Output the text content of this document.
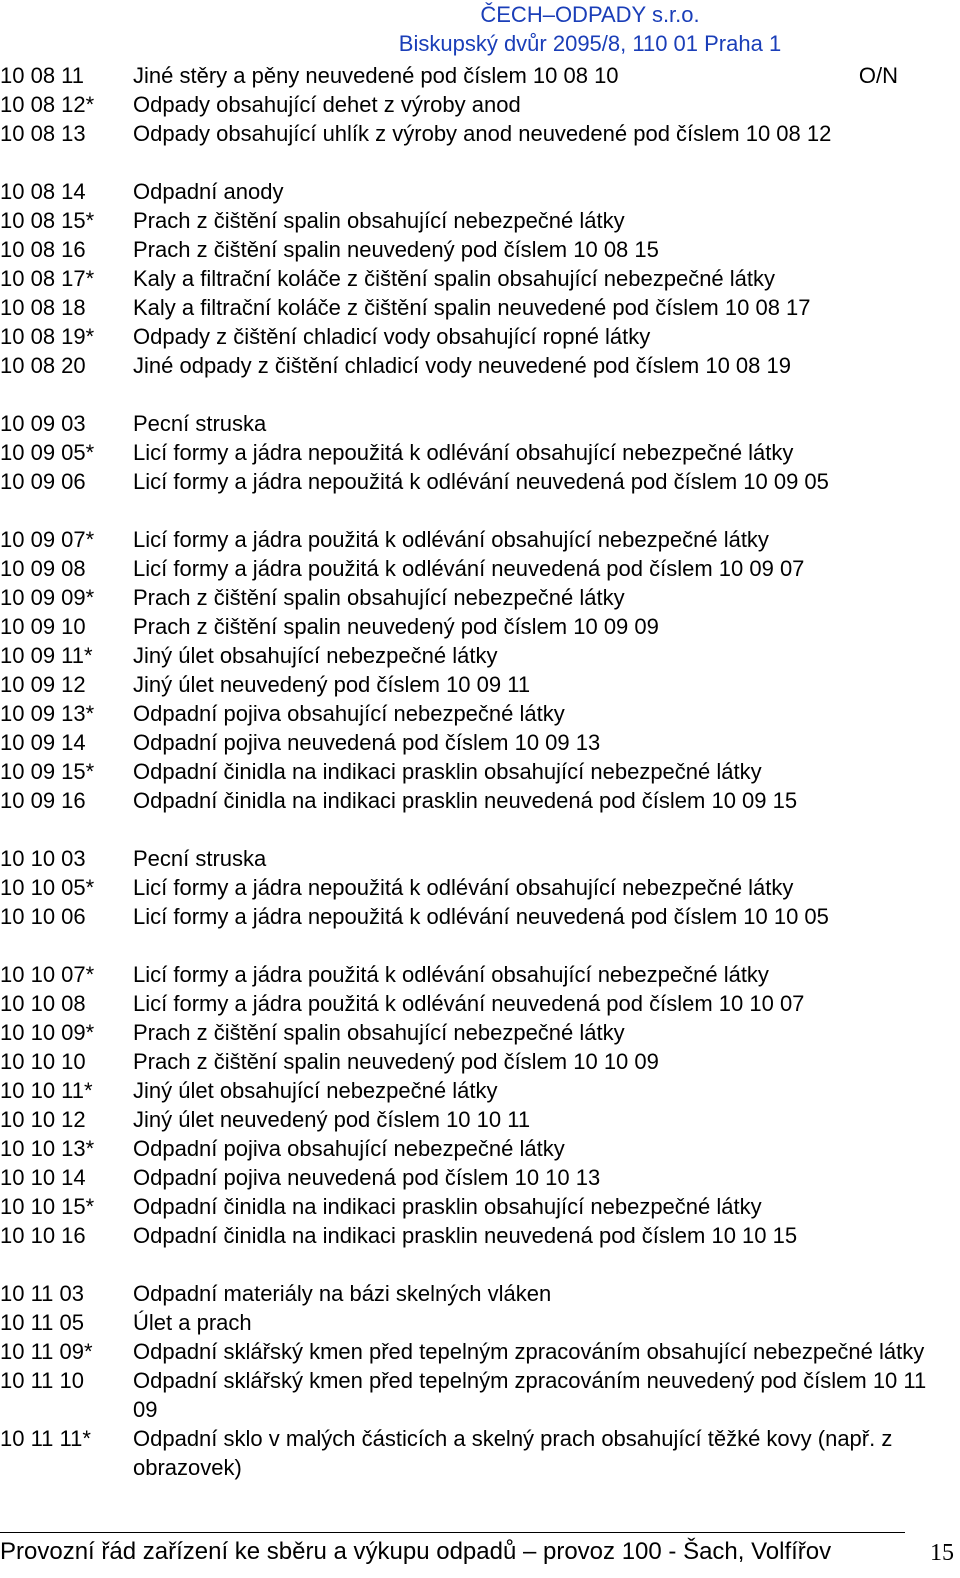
ČECH–ODPADY s.r.o.
Biskupský dvůr 2095/8, 110 01 Praha 1
10 08 11	Jiné stěry a pěny neuvedené pod číslem 10 08 10	O/N
10 08 12*	Odpady obsahující dehet z výroby anod
10 08 13	Odpady obsahující uhlík z výroby anod neuvedené pod číslem 10 08 12
10 08 14	Odpadní anody
10 08 15*	Prach z čištění spalin obsahující nebezpečné látky
10 08 16	Prach z čištění spalin neuvedený pod číslem 10 08 15
10 08 17*	Kaly a filtrační koláče z čištění spalin obsahující nebezpečné látky
10 08 18	Kaly a filtrační koláče z čištění spalin neuvedené pod číslem 10 08 17
10 08 19*	Odpady z čištění chladicí vody obsahující ropné látky
10 08 20	Jiné odpady z čištění chladicí vody neuvedené pod číslem 10 08 19
10 09 03	Pecní struska
10 09 05*	Licí formy a jádra nepoužitá k odlévání obsahující nebezpečné látky
10 09 06	Licí formy a jádra nepoužitá k odlévání neuvedená pod číslem 10 09 05
10 09 07*	Licí formy a jádra použitá k odlévání obsahující nebezpečné látky
10 09 08	Licí formy a jádra použitá k odlévání neuvedená pod číslem 10 09 07
10 09 09*	Prach z čištění spalin obsahující nebezpečné látky
10 09 10	Prach z čištění spalin neuvedený pod číslem 10 09 09
10 09 11*	Jiný úlet obsahující nebezpečné látky
10 09 12	Jiný úlet neuvedený pod číslem 10 09 11
10 09 13*	Odpadní pojiva obsahující nebezpečné látky
10 09 14	Odpadní pojiva neuvedená pod číslem 10 09 13
10 09 15*	Odpadní činidla na indikaci prasklin obsahující nebezpečné látky
10 09 16	Odpadní činidla na indikaci prasklin neuvedená pod číslem 10 09 15
10 10 03	Pecní struska
10 10 05*	Licí formy a jádra nepoužitá k odlévání obsahující nebezpečné látky
10 10 06	Licí formy a jádra nepoužitá k odlévání neuvedená pod číslem 10 10 05
10 10 07*	Licí formy a jádra použitá k odlévání obsahující nebezpečné látky
10 10 08	Licí formy a jádra použitá k odlévání neuvedená pod číslem 10 10 07
10 10 09*	Prach z čištění spalin obsahující nebezpečné látky
10 10 10	Prach z čištění spalin neuvedený pod číslem 10 10 09
10 10 11*	Jiný úlet obsahující nebezpečné látky
10 10 12	Jiný úlet neuvedený pod číslem 10 10 11
10 10 13*	Odpadní pojiva obsahující nebezpečné látky
10 10 14	Odpadní pojiva neuvedená pod číslem 10 10 13
10 10 15*	Odpadní činidla na indikaci prasklin obsahující nebezpečné látky
10 10 16	Odpadní činidla na indikaci prasklin neuvedená pod číslem 10 10 15
10 11 03	Odpadní materiály na bázi skelných vláken
10 11 05	Úlet a prach
10 11 09*	Odpadní sklářský kmen před tepelným zpracováním obsahující nebezpečné látky
10 11 10	Odpadní sklářský kmen před tepelným zpracováním neuvedený pod číslem 10 11 09
10 11 11*	Odpadní sklo v malých částicích a skelný prach obsahující těžké kovy (např. z obrazovek)
Provozní řád zařízení ke sběru a výkupu odpadů – provoz 100 - Šach, Volfířov	15
